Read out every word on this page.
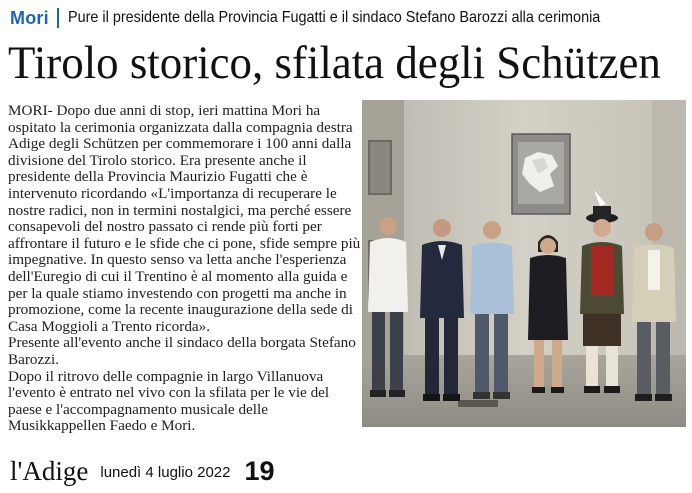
Mori Pure il presidente della Provincia Fugatti e il sindaco Stefano Barozzi alla cerimonia
Tirolo storico, sfilata degli Schützen

MORI- Dopo due anni di stop, ieri mattina Mori ha ospitato la cerimonia organizzata dalla compagnia destra Adige degli Schützen per commemorare i 100 anni dalla divisione del Tirolo storico. Era presente anche il presidente della Provincia Maurizio Fugatti che è intervenuto ricordando «L'importanza di recuperare le nostre radici, non in termini nostalgici, ma perché essere consapevoli del nostro passato ci rende più forti per affrontare il futuro e le sfide che ci pone, sfide sempre più impegnative. In questo senso va letta anche l'esperienza dell'Euregio di cui il Trentino è al momento alla guida e per la quale stiamo investendo con progetti ma anche in promozione, come la recente inaugurazione della sede di Casa Moggioli a Trento ricorda».

Presente all'evento anche il sindaco della borgata Stefano Barozzi.

Dopo il ritrovo delle compagnie in largo Villanuova l'evento è entrato nel vivo con la sfilata per le vie del paese e l'accompagnamento musicale delle Musikkappellen Faedo e Mori.

l'Adige lunedì 4 luglio 2022 19
